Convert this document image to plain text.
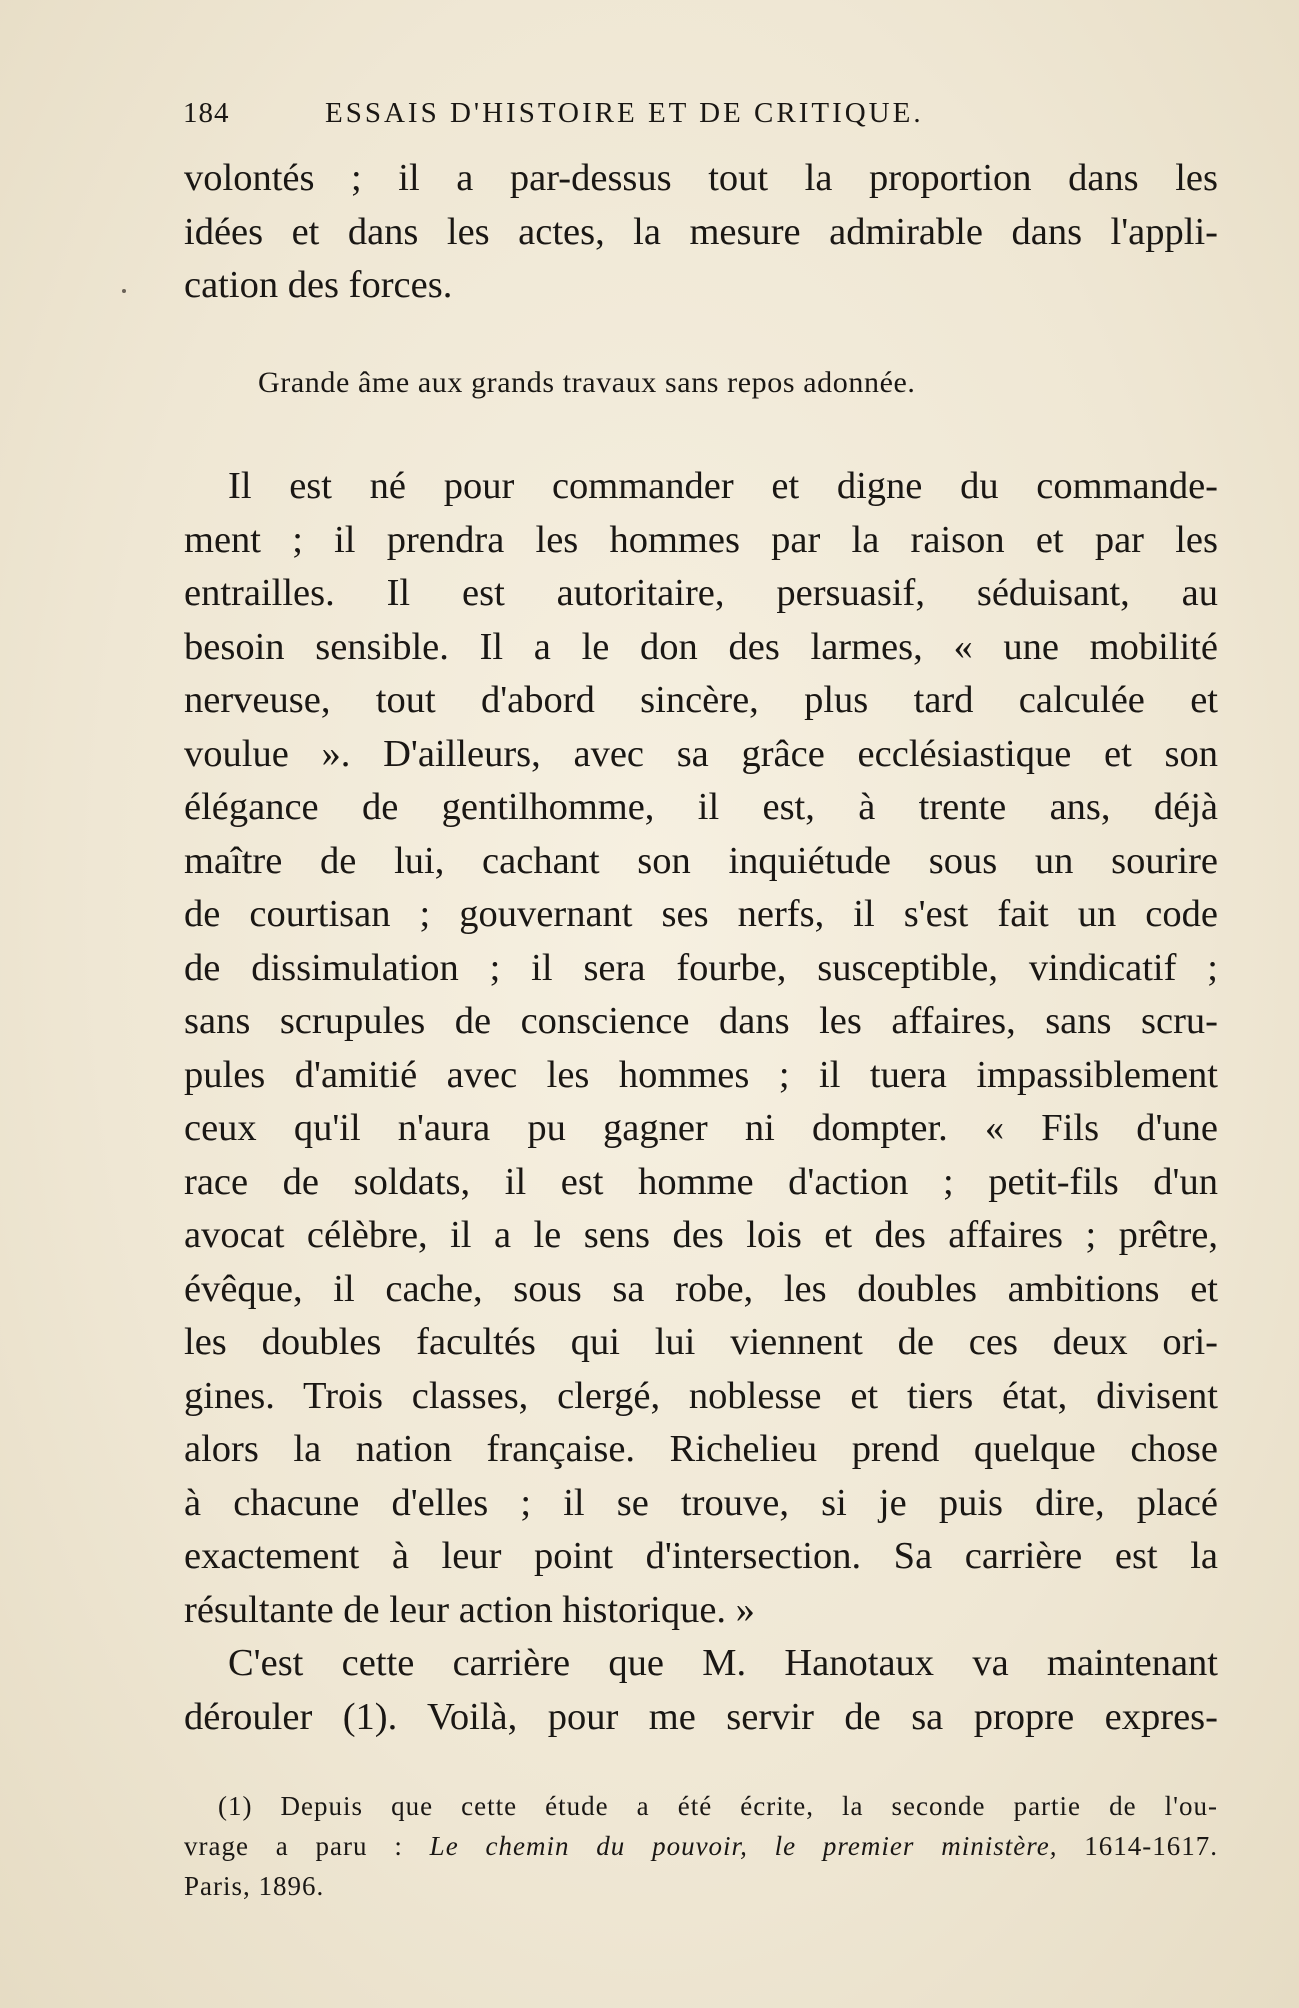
184	ESSAIS D'HISTOIRE ET DE CRITIQUE.
volontés ; il a par-dessus tout la proportion dans les
idées et dans les actes, la mesure admirable dans l'appli-
cation des forces.
Grande âme aux grands travaux sans repos adonnée.
Il est né pour commander et digne du commande-
ment ; il prendra les hommes par la raison et par les
entrailles. Il est autoritaire, persuasif, séduisant, au
besoin sensible. Il a le don des larmes, « une mobilité
nerveuse, tout d'abord sincère, plus tard calculée et
voulue ». D'ailleurs, avec sa grâce ecclésiastique et son
élégance de gentilhomme, il est, à trente ans, déjà
maître de lui, cachant son inquiétude sous un sourire
de courtisan ; gouvernant ses nerfs, il s'est fait un code
de dissimulation ; il sera fourbe, susceptible, vindicatif ;
sans scrupules de conscience dans les affaires, sans scru-
pules d'amitié avec les hommes ; il tuera impassiblement
ceux qu'il n'aura pu gagner ni dompter. « Fils d'une
race de soldats, il est homme d'action ; petit-fils d'un
avocat célèbre, il a le sens des lois et des affaires ; prêtre,
évêque, il cache, sous sa robe, les doubles ambitions et
les doubles facultés qui lui viennent de ces deux ori-
gines. Trois classes, clergé, noblesse et tiers état, divisent
alors la nation française. Richelieu prend quelque chose
à chacune d'elles ; il se trouve, si je puis dire, placé
exactement à leur point d'intersection. Sa carrière est la
résultante de leur action historique. »
C'est cette carrière que M. Hanotaux va maintenant
dérouler (1). Voilà, pour me servir de sa propre expres-
(1) Depuis que cette étude a été écrite, la seconde partie de l'ou-
vrage a paru : Le chemin du pouvoir, le premier ministère, 1614-1617.
Paris, 1896.
